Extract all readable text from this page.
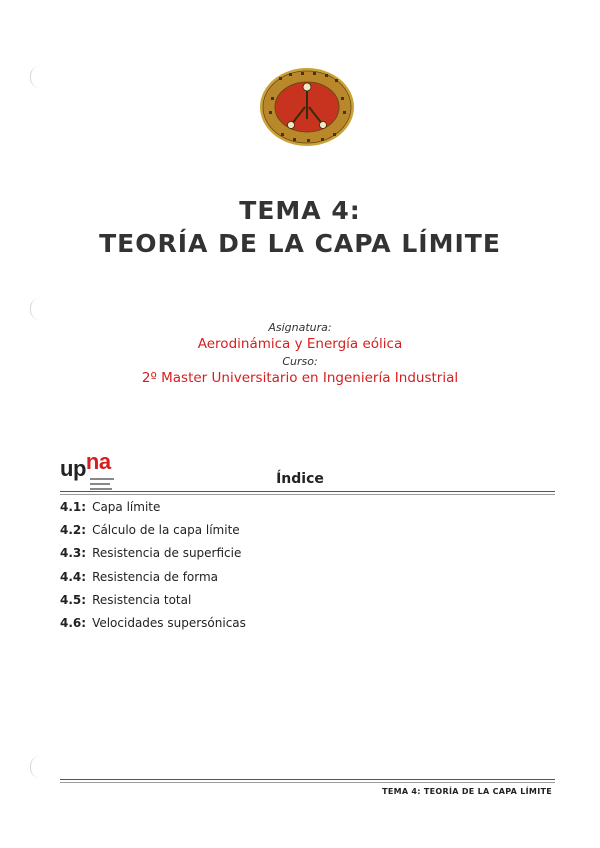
TEMA 4:
TEORÍA DE LA CAPA LÍMITE
Asignatura:
Aerodinámica y Energía eólica
Curso:
2º Master Universitario en Ingeniería Industrial
upna
Índice
4.1: Capa límite
4.2: Cálculo de la capa límite
4.3: Resistencia de superficie
4.4: Resistencia de forma
4.5: Resistencia total
4.6: Velocidades supersónicas
TEMA 4: TEORÍA DE LA CAPA LÍMITE
